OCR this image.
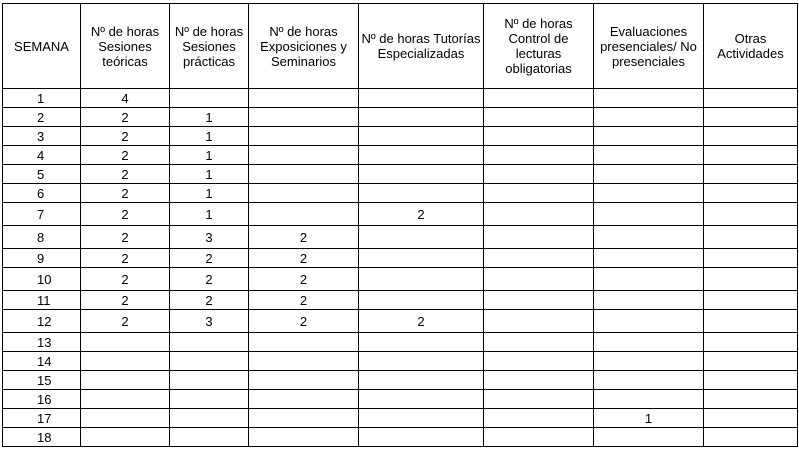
SEMANA	Nº de horas Sesiones teóricas	Nº de horas Sesiones prácticas	Nº de horas Exposiciones y Seminarios	Nº de horas Tutorías Especializadas	Nº de horas Control de lecturas obligatorias	Evaluaciones presenciales/ No presenciales	Otras Actividades
1	4						
2	2	1					
3	2	1					
4	2	1					
5	2	1					
6	2	1					
7	2	1		2			
8	2	3	2				
9	2	2	2				
10	2	2	2				
11	2	2	2				
12	2	3	2	2			
13							
14							
15							
16							
17						1	
18							
